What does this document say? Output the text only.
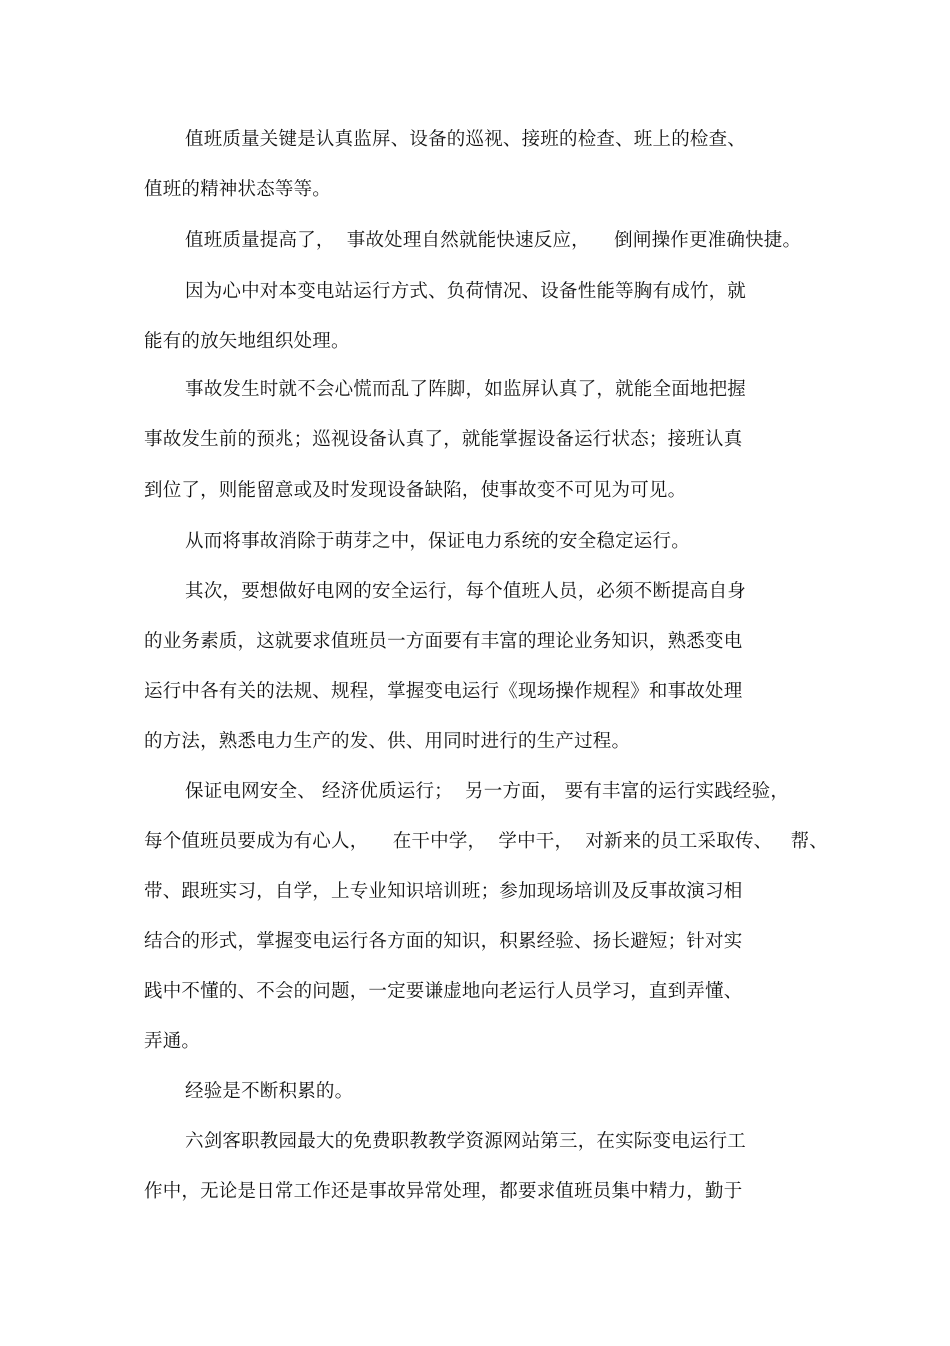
值班质量关键是认真监屏、设备的巡视、接班的检查、班上的检查、
值班的精神状态等等。
值班质量提高了，  事故处理自然就能快速反应，    倒闸操作更准确快捷。
因为心中对本变电站运行方式、负荷情况、设备性能等胸有成竹，就
能有的放矢地组织处理。
事故发生时就不会心慌而乱了阵脚，如监屏认真了，就能全面地把握
事故发生前的预兆；巡视设备认真了，就能掌握设备运行状态；接班认真
到位了，则能留意或及时发现设备缺陷，使事故变不可见为可见。
从而将事故消除于萌芽之中，保证电力系统的安全稳定运行。
其次，要想做好电网的安全运行，每个值班人员，必须不断提高自身
的业务素质，这就要求值班员一方面要有丰富的理论业务知识，熟悉变电
运行中各有关的法规、规程，掌握变电运行《现场操作规程》和事故处理
的方法，熟悉电力生产的发、供、用同时进行的生产过程。
保证电网安全、 经济优质运行；  另一方面， 要有丰富的运行实践经验，
每个值班员要成为有心人，    在干中学，  学中干，  对新来的员工采取传、   帮、
带、跟班实习，自学，上专业知识培训班；参加现场培训及反事故演习相
结合的形式，掌握变电运行各方面的知识，积累经验、扬长避短；针对实
践中不懂的、不会的问题，一定要谦虚地向老运行人员学习，直到弄懂、
弄通。
经验是不断积累的。
六剑客职教园最大的免费职教教学资源网站第三，在实际变电运行工
作中，无论是日常工作还是事故异常处理，都要求值班员集中精力，勤于
